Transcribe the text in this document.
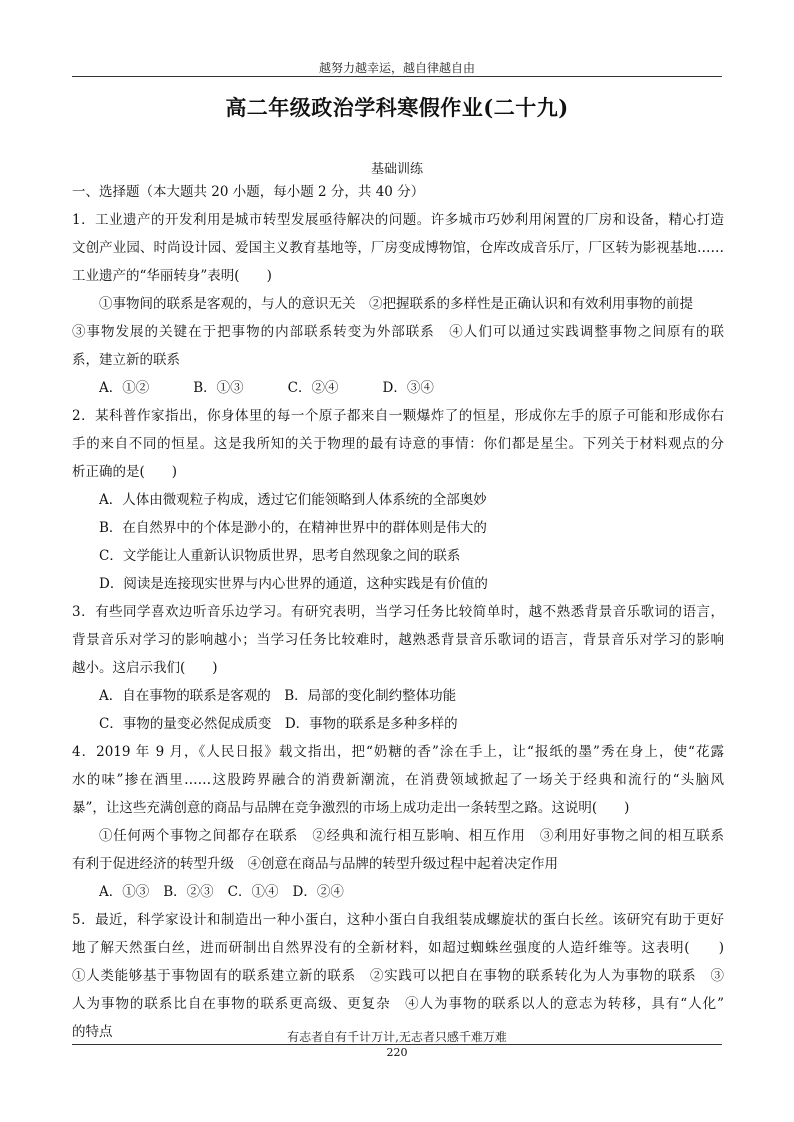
越努力越幸运，越自律越自由
高二年级政治学科寒假作业(二十九)
基础训练
一、选择题（本大题共 20 小题，每小题 2 分，共 40 分）
1．工业遗产的开发利用是城市转型发展亟待解决的问题。许多城市巧妙利用闲置的厂房和设备，精心打造
文创产业园、时尚设计园、爱国主义教育基地等，厂房变成博物馆，仓库改成音乐厅，厂区转为影视基地……
工业遗产的“华丽转身”表明(　　)
①事物间的联系是客观的，与人的意识无关　②把握联系的多样性是正确认识和有效利用事物的前提
③事物发展的关键在于把事物的内部联系转变为外部联系　④人们可以通过实践调整事物之间原有的联
系，建立新的联系
A．①②	B．①③	C．②④	D．③④
2．某科普作家指出，你身体里的每一个原子都来自一颗爆炸了的恒星，形成你左手的原子可能和形成你右
手的来自不同的恒星。这是我所知的关于物理的最有诗意的事情：你们都是星尘。下列关于材料观点的分
析正确的是(　　)
A．人体由微观粒子构成，透过它们能领略到人体系统的全部奥妙
B．在自然界中的个体是渺小的，在精神世界中的群体则是伟大的
C．文学能让人重新认识物质世界，思考自然现象之间的联系
D．阅读是连接现实世界与内心世界的通道，这种实践是有价值的
3．有些同学喜欢边听音乐边学习。有研究表明，当学习任务比较简单时，越不熟悉背景音乐歌词的语言，
背景音乐对学习的影响越小；当学习任务比较难时，越熟悉背景音乐歌词的语言，背景音乐对学习的影响
越小。这启示我们(　　)
A．自在事物的联系是客观的　B．局部的变化制约整体功能
C．事物的量变必然促成质变　D．事物的联系是多种多样的
4．2019 年 9 月，《人民日报》载文指出，把“奶糖的香”涂在手上，让“报纸的墨”秀在身上，使“花露
水的味”掺在酒里……这股跨界融合的消费新潮流，在消费领域掀起了一场关于经典和流行的“头脑风
暴”，让这些充满创意的商品与品牌在竞争激烈的市场上成功走出一条转型之路。这说明(　　)
①任何两个事物之间都存在联系　②经典和流行相互影响、相互作用　③利用好事物之间的相互联系
有利于促进经济的转型升级　④创意在商品与品牌的转型升级过程中起着决定作用
A．①③ B．②③ C．①④ D．②④
5．最近，科学家设计和制造出一种小蛋白，这种小蛋白自我组装成螺旋状的蛋白长丝。该研究有助于更好
地了解天然蛋白丝，进而研制出自然界没有的全新材料，如超过蜘蛛丝强度的人造纤维等。这表明(　　)
①人类能够基于事物固有的联系建立新的联系　②实践可以把自在事物的联系转化为人为事物的联系　③
人为事物的联系比自在事物的联系更高级、更复杂　④人为事物的联系以人的意志为转移，具有“人化”
的特点	有志者自有千计万计,无志者只感千难万难
220
